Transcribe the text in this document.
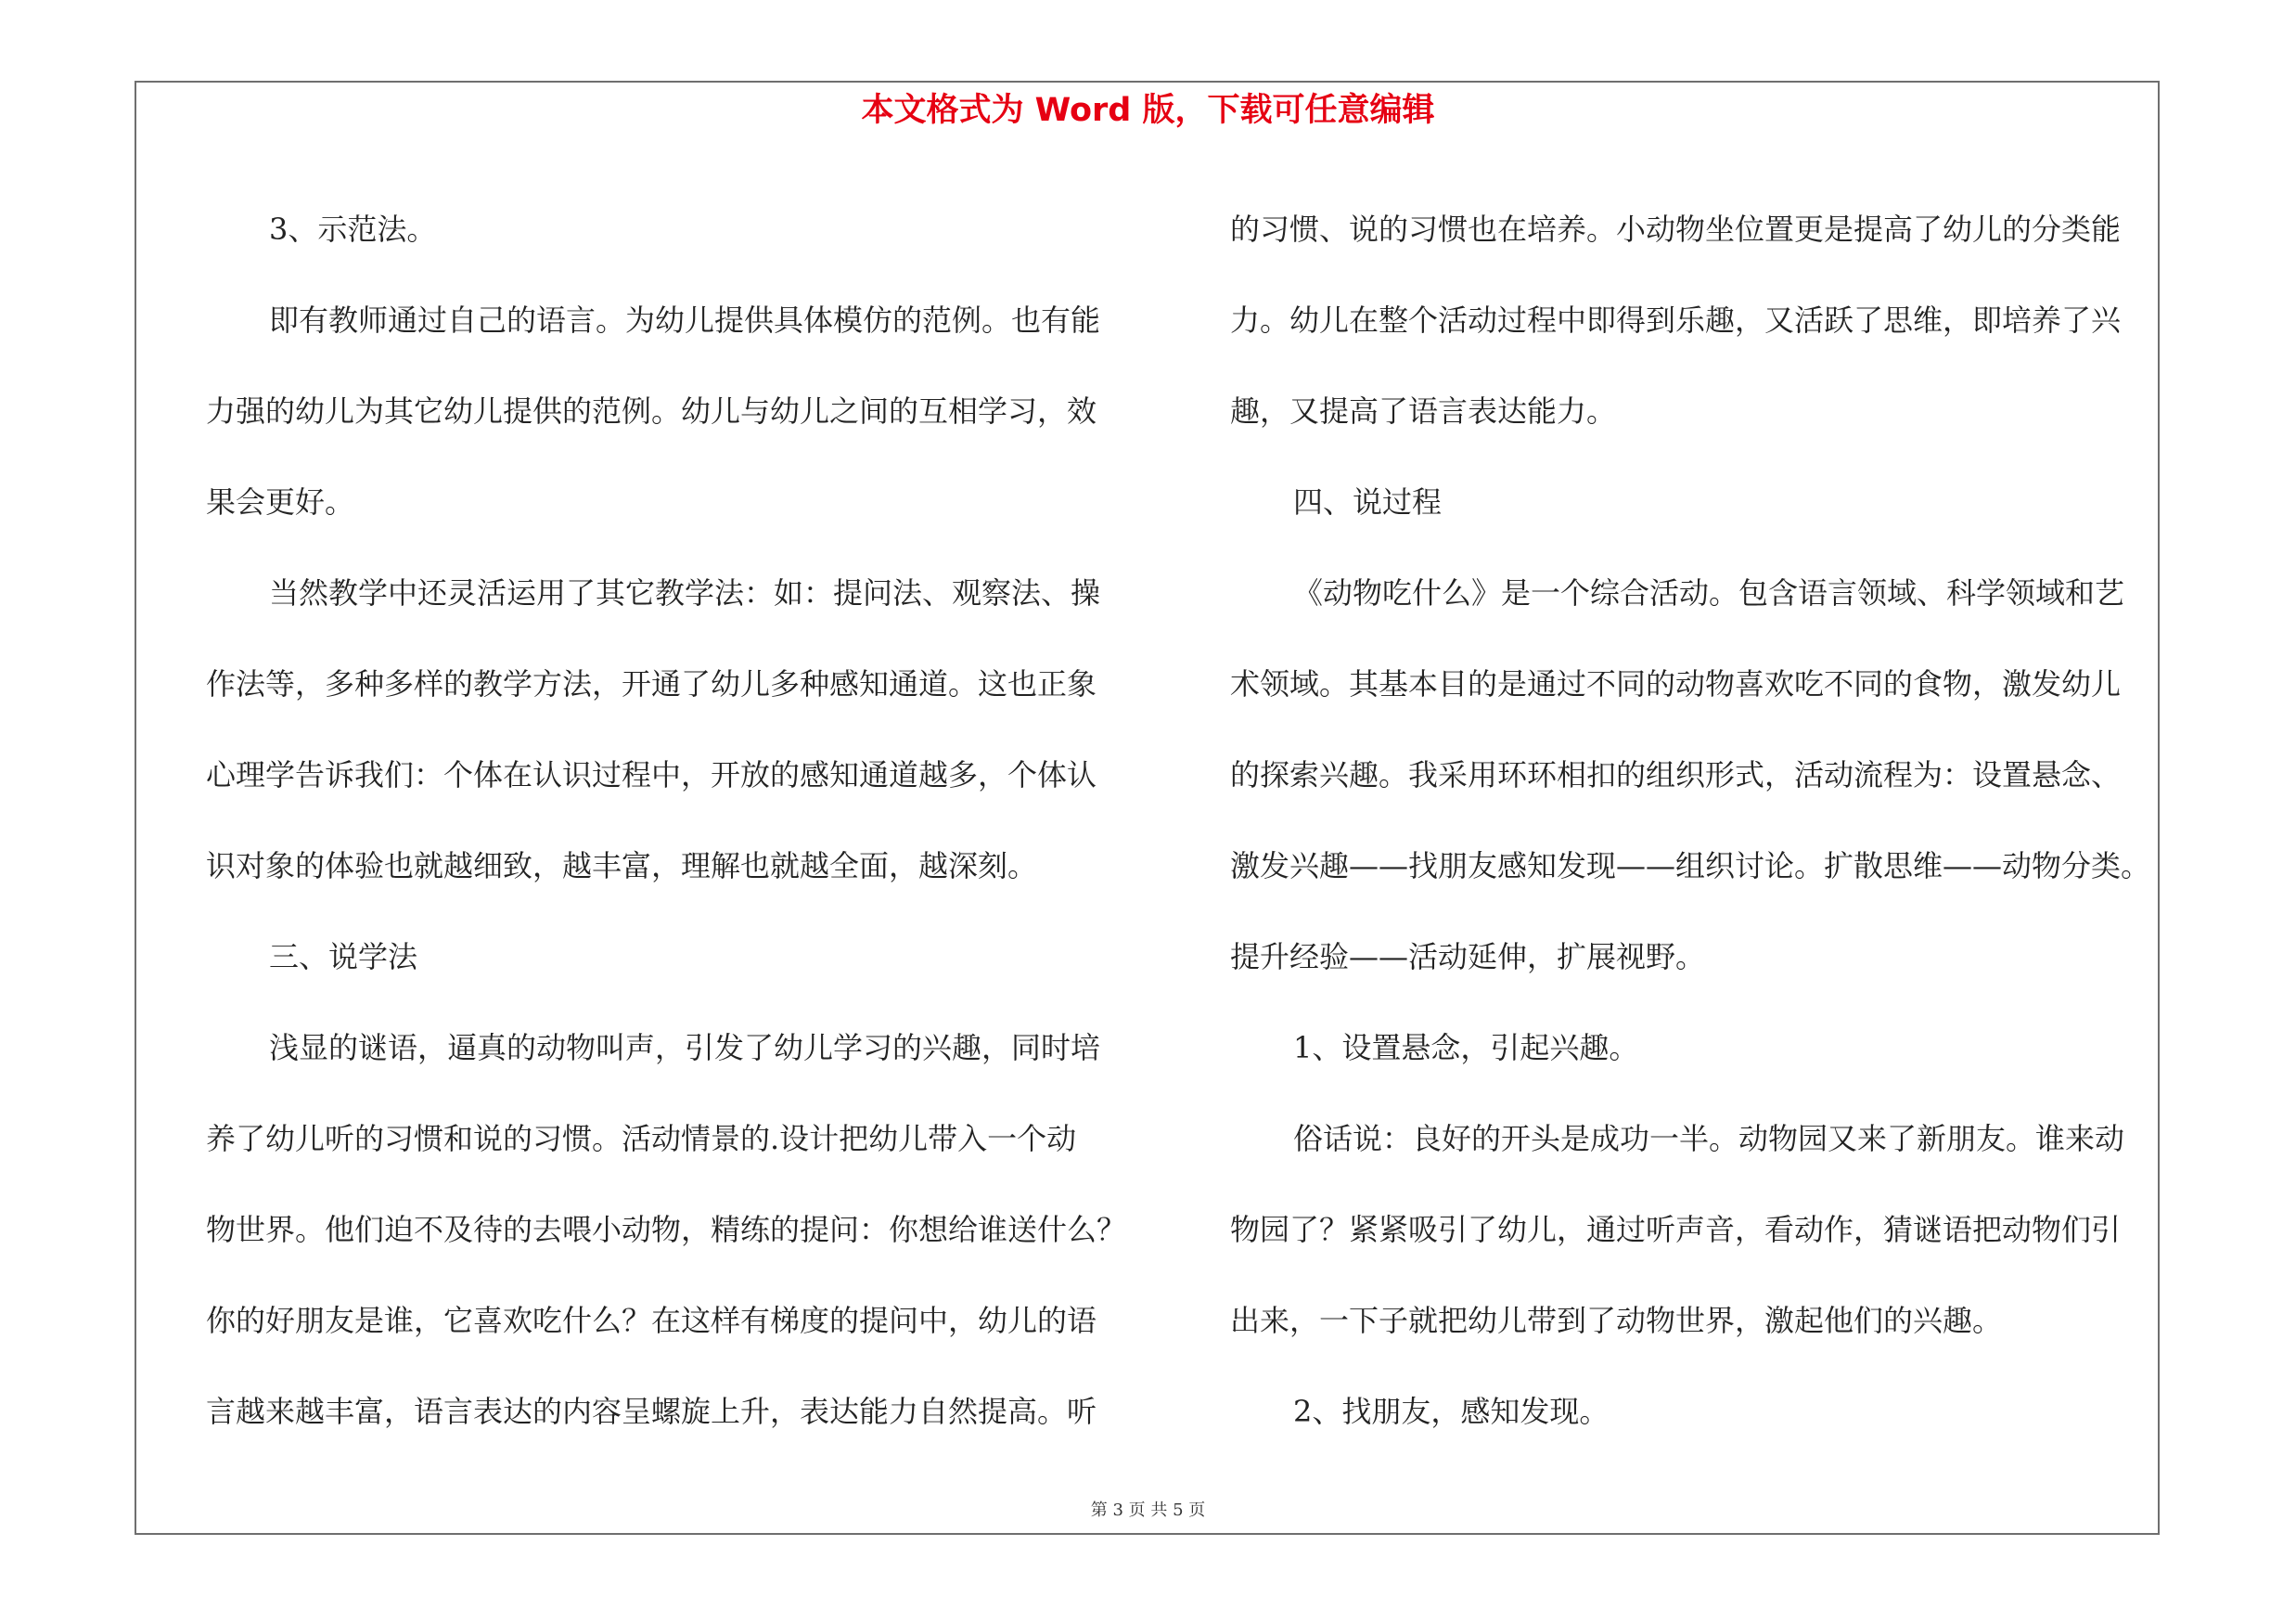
本文格式为 Word 版，下载可任意编辑

3、示范法。

即有教师通过自己的语言。为幼儿提供具体模仿的范例。也有能

力强的幼儿为其它幼儿提供的范例。幼儿与幼儿之间的互相学习，效

果会更好。

当然教学中还灵活运用了其它教学法：如：提问法、观察法、操

作法等，多种多样的教学方法，开通了幼儿多种感知通道。这也正象

心理学告诉我们：个体在认识过程中，开放的感知通道越多，个体认

识对象的体验也就越细致，越丰富，理解也就越全面，越深刻。

三、说学法

浅显的谜语，逼真的动物叫声，引发了幼儿学习的兴趣，同时培

养了幼儿听的习惯和说的习惯。活动情景的.设计把幼儿带入一个动

物世界。他们迫不及待的去喂小动物，精练的提问：你想给谁送什么？

你的好朋友是谁，它喜欢吃什么？在这样有梯度的提问中，幼儿的语

言越来越丰富，语言表达的内容呈螺旋上升，表达能力自然提高。听

的习惯、说的习惯也在培养。小动物坐位置更是提高了幼儿的分类能

力。幼儿在整个活动过程中即得到乐趣，又活跃了思维，即培养了兴

趣，又提高了语言表达能力。

四、说过程

《动物吃什么》是一个综合活动。包含语言领域、科学领域和艺

术领域。其基本目的是通过不同的动物喜欢吃不同的食物，激发幼儿

的探索兴趣。我采用环环相扣的组织形式，活动流程为：设置悬念、

激发兴趣——找朋友感知发现——组织讨论。扩散思维——动物分类。

提升经验——活动延伸，扩展视野。

1、设置悬念，引起兴趣。

俗话说：良好的开头是成功一半。动物园又来了新朋友。谁来动

物园了？紧紧吸引了幼儿，通过听声音，看动作，猜谜语把动物们引

出来，一下子就把幼儿带到了动物世界，激起他们的兴趣。

2、找朋友，感知发现。

第 3 页 共 5 页
